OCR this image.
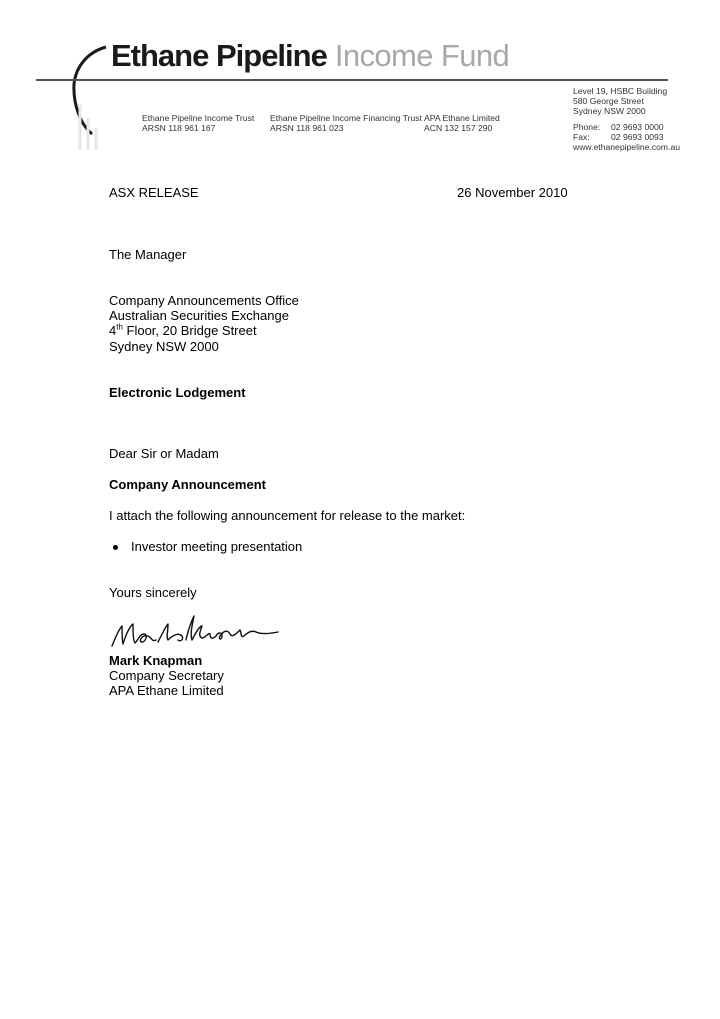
Ethane Pipeline Income Fund
Ethane Pipeline Income Trust
ARSN 118 961 167
Ethane Pipeline Income Financing Trust
ARSN 118 961 023
APA Ethane Limited
ACN 132 157 290
Level 19, HSBC Building
580 George Street
Sydney NSW 2000
Phone: 02 9693 0000
Fax: 02 9693 0093
www.ethanepipeline.com.au
ASX RELEASE	26 November 2010
The Manager
Company Announcements Office
Australian Securities Exchange
4th Floor, 20 Bridge Street
Sydney NSW 2000
Electronic Lodgement
Dear Sir or Madam
Company Announcement
I attach the following announcement for release to the market:
Investor meeting presentation
Yours sincerely
Mark Knapman
Company Secretary
APA Ethane Limited
